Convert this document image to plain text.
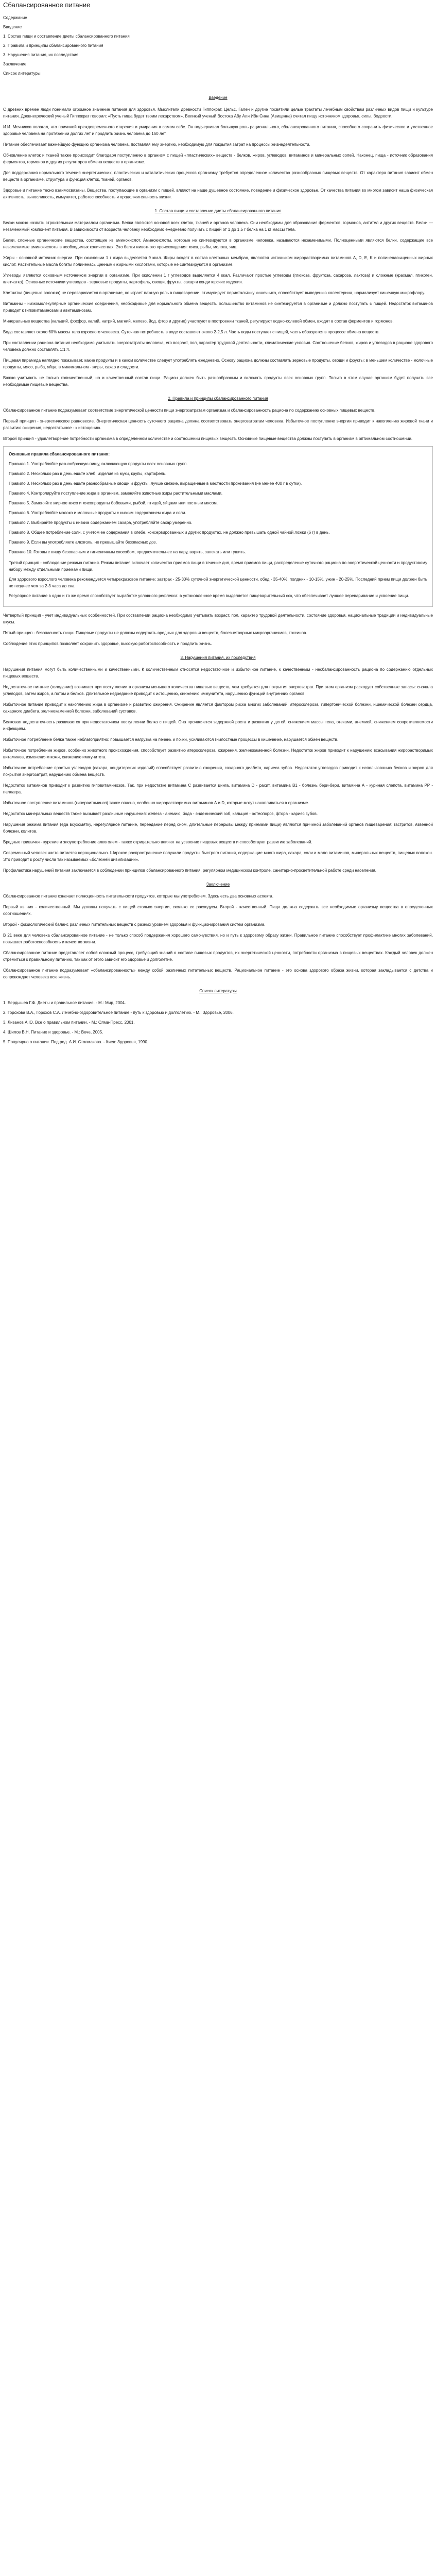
Сбалансированное питание
Содержание
Введение
1. Состав пищи и составление диеты сбалансированного питания
2. Правила и принципы сбалансированного питания
3. Нарушения питания, их последствия
Заключение
Список литературы
Введение

С древних времен люди понимали огромное значение питания для здоровья. Мыслители древности Гиппократ, Цельс, Гален и другие посвятили целые трактаты лечебным свойствам различных видов пищи и культуре питания. Древнегреческий ученый Гиппократ говорил: «Пусть пища будет твоим лекарством». Великий ученый Востока Абу Али Ибн Сина (Авиценна) считал пищу источником здоровья, силы, бодрости.

И.И. Мечников полагал, что причиной преждевременного старения и умирания в самом себе. Он подчеркивал большую роль рационального, сбалансированного питания, способного сохранить физическое и умственное здоровье человека на протяжении долгих лет и продлить жизнь человека до 150 лет.

Питание обеспечивает важнейшую функцию организма человека, поставляя ему энергию, необходимую для покрытия затрат на процессы жизнедеятельности.

Обновление клеток и тканей также происходит благодаря поступлению в организм с пищей «пластических» веществ - белков, жиров, углеводов, витаминов и минеральных солей. Наконец, пища - источник образования ферментов, гормонов и других регуляторов обмена веществ в организме.

Для поддержания нормального течения энергетических, пластических и каталитических процессов организму требуется определенное количество разнообразных пищевых веществ. От характера питания зависит обмен веществ в организме, структура и функция клеток, тканей, органов.

Здоровье и питание тесно взаимосвязаны. Вещества, поступающие в организм с пищей, влияют на наше душевное состояние, поведение и физическое здоровье. От качества питания во многом зависит наша физическая активность, выносливость, иммунитет, работоспособность и продолжительность жизни.

1. Состав пищи и составление диеты сбалансированного питания

Белки можно назвать строительным материалом организма. Белки являются основой всех клеток, тканей и органов человека. Они необходимы для образования ферментов, гормонов, антител и других веществ. Белки — незаменимый компонент питания. В зависимости от возраста человеку необходимо ежедневно получать с пищей от 1 до 1,5 г белка на 1 кг массы тела.

Белки, сложные органические вещества, состоящие из аминокислот. Аминокислоты, которые не синтезируются в организме человека, называются незаменимыми. Полноценными являются белки, содержащие все незаменимые аминокислоты в необходимых количествах. Это белки животного происхождения: мяса, рыбы, молока, яиц.

Жиры - основной источник энергии. При окислении 1 г жира выделяется 9 ккал. Жиры входят в состав клеточных мембран, являются источником жирорастворимых витаминов A, D, E, K и полиненасыщенных жирных кислот. Растительные масла богаты полиненасыщенными жирными кислотами, которые не синтезируются в организме.

Углеводы являются основным источником энергии в организме. При окислении 1 г углеводов выделяется 4 ккал. Различают простые углеводы (глюкоза, фруктоза, сахароза, лактоза) и сложные (крахмал, гликоген, клетчатка). Основные источники углеводов - зерновые продукты, картофель, овощи, фрукты, сахар и кондитерские изделия.

Клетчатка (пищевые волокна) не переваривается в организме, но играет важную роль в пищеварении: стимулирует перистальтику кишечника, способствует выведению холестерина, нормализует кишечную микрофлору.

Витамины - низкомолекулярные органические соединения, необходимые для нормального обмена веществ. Большинство витаминов не синтезируется в организме и должно поступать с пищей. Недостаток витаминов приводит к гиповитаминозам и авитаминозам.

Минеральные вещества (кальций, фосфор, калий, натрий, магний, железо, йод, фтор и другие) участвуют в построении тканей, регулируют водно-солевой обмен, входят в состав ферментов и гормонов.

Вода составляет около 60% массы тела взрослого человека. Суточная потребность в воде составляет около 2-2,5 л. Часть воды поступает с пищей, часть образуется в процессе обмена веществ.

При составлении рациона питания необходимо учитывать энергозатраты человека, его возраст, пол, характер трудовой деятельности, климатические условия. Соотношение белков, жиров и углеводов в рационе здорового человека должно составлять 1:1:4.

Пищевая пирамида наглядно показывает, какие продукты и в каком количестве следует употреблять ежедневно. Основу рациона должны составлять зерновые продукты, овощи и фрукты; в меньшем количестве - молочные продукты, мясо, рыба, яйца; в минимальном - жиры, сахар и сладости.

Важно учитывать не только количественный, но и качественный состав пищи. Рацион должен быть разнообразным и включать продукты всех основных групп. Только в этом случае организм будет получать все необходимые пищевые вещества.

2. Правила и принципы сбалансированного питания

Сбалансированное питание подразумевает соответствие энергетической ценности пищи энергозатратам организма и сбалансированность рациона по содержанию основных пищевых веществ.

Первый принцип - энергетическое равновесие. Энергетическая ценность суточного рациона должна соответствовать энергозатратам человека. Избыточное поступление энергии приводит к накоплению жировой ткани и развитию ожирения, недостаточное - к истощению.

Второй принцип - удовлетворение потребности организма в определенном количестве и соотношении пищевых веществ. Основные пищевые вещества должны поступать в организм в оптимальном соотношении.

Основные правила сбалансированного питания:

Правило 1. Употребляйте разнообразную пищу, включающую продукты всех основных групп.
Правило 2. Несколько раз в день ешьте хлеб, изделия из муки, крупы, картофель.
Правило 3. Несколько раз в день ешьте разнообразные овощи и фрукты, лучше свежие, выращенные в местности проживания (не менее 400 г в сутки).
Правило 4. Контролируйте поступление жира в организм, заменяйте животные жиры растительными маслами.
Правило 5. Заменяйте жирное мясо и мясопродукты бобовыми, рыбой, птицей, яйцами или постным мясом.
Правило 6. Употребляйте молоко и молочные продукты с низким содержанием жира и соли.
Правило 7. Выбирайте продукты с низким содержанием сахара, употребляйте сахар умеренно.
Правило 8. Общее потребление соли, с учетом ее содержания в хлебе, консервированных и других продуктах, не должно превышать одной чайной ложки (6 г) в день.
Правило 9. Если вы употребляете алкоголь, не превышайте безопасных доз.
Правило 10. Готовьте пищу безопасным и гигиеничным способом, предпочтительнее на пару, варить, запекать или тушить.

Третий принцип - соблюдение режима питания. Режим питания включает количество приемов пищи в течение дня, время приемов пищи, распределение суточного рациона по энергетической ценности и продуктовому набору между отдельными приемами пищи.

Для здорового взрослого человека рекомендуется четырехразовое питание: завтрак - 25-30% суточной энергетической ценности, обед - 35-40%, полдник - 10-15%, ужин - 20-25%. Последний прием пищи должен быть не позднее чем за 2-3 часа до сна.

Регулярное питание в одно и то же время способствует выработке условного рефлекса: в установленное время выделяется пищеварительный сок, что обеспечивает лучшее переваривание и усвоение пищи.

Четвертый принцип - учет индивидуальных особенностей. При составлении рациона необходимо учитывать возраст, пол, характер трудовой деятельности, состояние здоровья, национальные традиции и индивидуальные вкусы.

Пятый принцип - безопасность пищи. Пищевые продукты не должны содержать вредных для здоровья веществ, болезнетворных микроорганизмов, токсинов.

Соблюдение этих принципов позволяет сохранить здоровье, высокую работоспособность и продлить жизнь.

3. Нарушения питания, их последствия

Нарушения питания могут быть количественными и качественными. К количественным относятся недостаточное и избыточное питание, к качественным - несбалансированность рациона по содержанию отдельных пищевых веществ.

Недостаточное питание (голодание) возникает при поступлении в организм меньшего количества пищевых веществ, чем требуется для покрытия энергозатрат. При этом организм расходует собственные запасы: сначала углеводов, затем жиров, а потом и белков. Длительное недоедание приводит к истощению, снижению иммунитета, нарушению функций внутренних органов.

Избыточное питание приводит к накоплению жира в организме и развитию ожирения. Ожирение является фактором риска многих заболеваний: атеросклероза, гипертонической болезни, ишемической болезни сердца, сахарного диабета, желчнокаменной болезни, заболеваний суставов.

Белковая недостаточность развивается при недостаточном поступлении белка с пищей. Она проявляется задержкой роста и развития у детей, снижением массы тела, отеками, анемией, снижением сопротивляемости инфекциям.

Избыточное потребление белка также неблагоприятно: повышается нагрузка на печень и почки, усиливаются гнилостные процессы в кишечнике, нарушается обмен веществ.

Избыточное потребление жиров, особенно животного происхождения, способствует развитию атеросклероза, ожирения, желчнокаменной болезни. Недостаток жиров приводит к нарушению всасывания жирорастворимых витаминов, изменениям кожи, снижению иммунитета.

Избыточное потребление простых углеводов (сахара, кондитерских изделий) способствует развитию ожирения, сахарного диабета, кариеса зубов. Недостаток углеводов приводит к использованию белков и жиров для покрытия энергозатрат, нарушению обмена веществ.

Недостаток витаминов приводит к развитию гиповитаминозов. Так, при недостатке витамина С развивается цинга, витамина D - рахит, витамина В1 - болезнь бери-бери, витамина А - куриная слепота, витамина РР - пеллагра.

Избыточное поступление витаминов (гипервитаминоз) также опасно, особенно жирорастворимых витаминов А и D, которые могут накапливаться в организме.

Недостаток минеральных веществ также вызывает различные нарушения: железа - анемию, йода - эндемический зоб, кальция - остеопороз, фтора - кариес зубов.

Нарушения режима питания (еда всухомятку, нерегулярное питание, переедание перед сном, длительные перерывы между приемами пищи) являются причиной заболеваний органов пищеварения: гастритов, язвенной болезни, колитов.

Вредные привычки - курение и злоупотребление алкоголем - также отрицательно влияют на усвоение пищевых веществ и способствуют развитию заболеваний.

Современный человек часто питается нерационально. Широкое распространение получили продукты быстрого питания, содержащие много жира, сахара, соли и мало витаминов, минеральных веществ, пищевых волокон. Это приводит к росту числа так называемых «болезней цивилизации».

Профилактика нарушений питания заключается в соблюдении принципов сбалансированного питания, регулярном медицинском контроле, санитарно-просветительной работе среди населения.

Заключение

Сбалансированное питание означает полноценность питательности продуктов, которые мы употребляем. Здесь есть два основных аспекта.

Первый из них - количественный. Мы должны получать с пищей столько энергии, сколько ее расходуем. Второй - качественный. Пища должна содержать все необходимые организму вещества в определенных соотношениях.

Второй - физиологический баланс различных питательных веществ с разных уровнем здоровья и функционирования систем организма.

В 21 веке для человека сбалансированное питание - не только способ поддержания хорошего самочувствия, но и путь к здоровому образу жизни. Правильное питание способствует профилактике многих заболеваний, повышает работоспособность и качество жизни.

Сбалансированное питание представляет собой сложный процесс, требующий знаний о составе пищевых продуктов, их энергетической ценности, потребности организма в пищевых веществах. Каждый человек должен стремиться к правильному питанию, так как от этого зависит его здоровье и долголетие.

Сбалансированное питание подразумевает «сбалансированность» между собой различных питательных веществ. Рациональное питание - это основа здорового образа жизни, которая закладывается с детства и сопровождает человека всю жизнь.

Список литературы
1. Бердышев Г.Ф. Диеты и правильное питание. - М.: Мир, 2004.
2. Горохова В.А., Горохов С.А. Лечебно-оздоровительное питание - путь к здоровью и долголетию. - М.: Здоровье, 2006.
3. Лизанов А.Ю. Все о правильном питании. - М.: Олма-Пресс, 2001.
4. Шилов В.Н. Питание и здоровье. - М.: Вече, 2005.
5. Популярно о питании. Под ред. А.И. Столмакова. - Киев: Здоровья, 1990.
